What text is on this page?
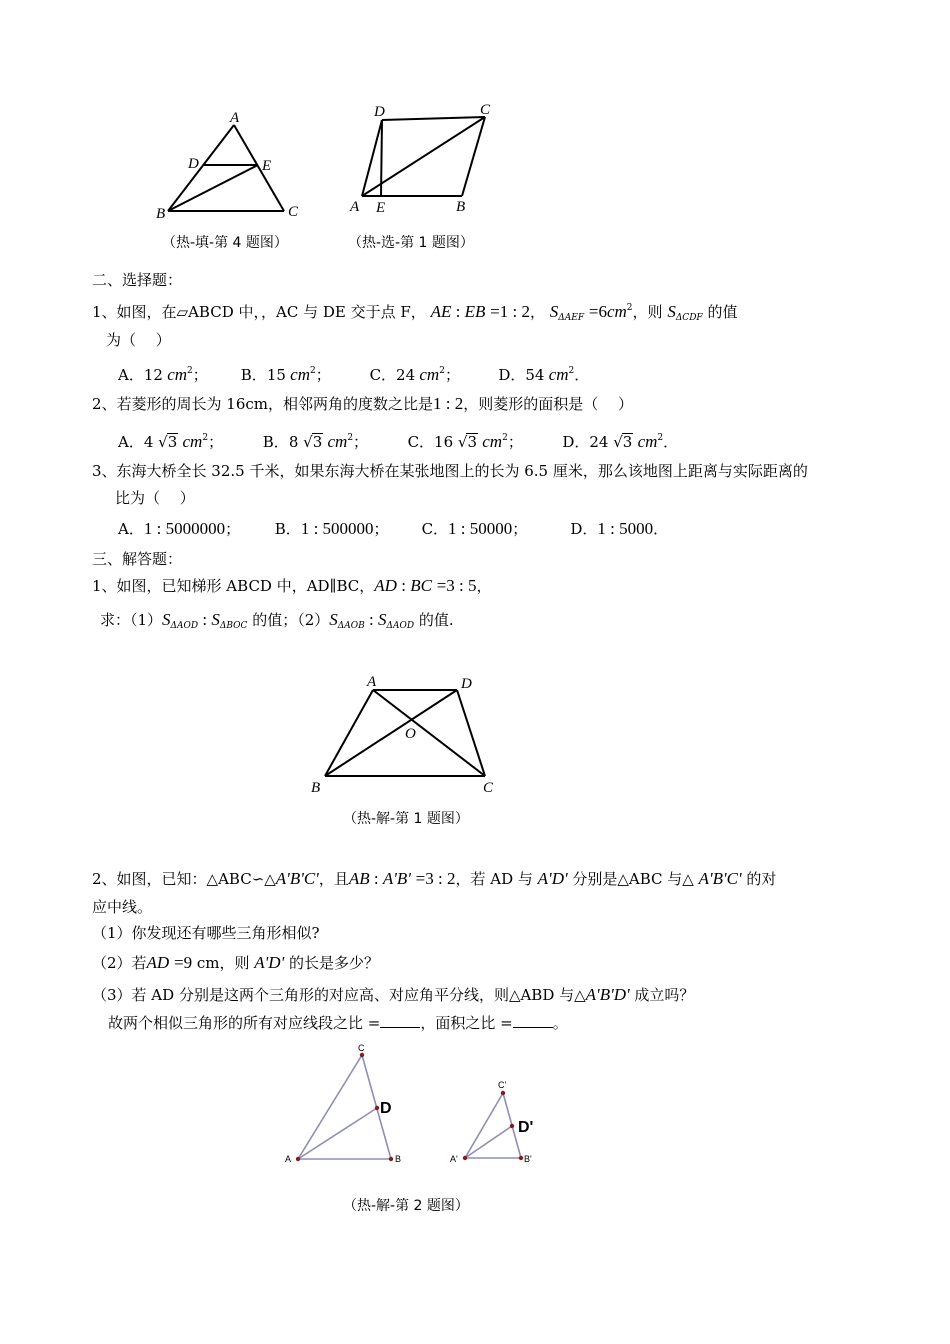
A
D	E
B	C
（热-填-第 4 题图）
D	C
A E	B
（热-选-第 1 题图）
二、选择题：
1、如图，在▱ABCD 中，，AC 与 DE 交于点 F， AE : EB =1 : 2， $S_{\Delta AEF} =6cm^2$，则 $S_{\Delta CDF}$ 的值
为（　 ）
A．12 $cm^2$； B．15 $cm^2$；	C．24 $cm^2$；	D．54 $cm^2$．
2、若菱形的周长为 16cm，相邻两角的度数之比是1 : 2，则菱形的面积是（　 ）
A．4 √3 $cm^2$；	B．8 √3 $cm^2$；	C．16 √3 $cm^2$；	D．24 √3 $cm^2$．
3、东海大桥全长 32.5 千米，如果东海大桥在某张地图上的长为 6.5 厘米，那么该地图上距离与实际距离的
比为（　 ）
A．1 : 5000000； B．1 : 500000； C．1 : 50000；	D．1 : 5000．
三、解答题：
1、如图，已知梯形 ABCD 中，AD∥BC，AD : BC =3 : 5，
求：$(1)S_{\Delta AOD}$ : $S_{\Delta BOC}$ 的值；$(2)S_{\Delta AOB}$ : $S_{\Delta AOD}$ 的值.
A	D
O
B	C
（热-解-第 1 题图）
2、如图，已知：△ABC∽△A'B'C'，且AB : A'B' =3 : 2，若 AD 与 A'D' 分别是△ABC 与△ A'B'C' 的对
应中线。
（1）你发现还有哪些三角形相似?
（2）若AD =9 cm，则 A'D' 的长是多少？
（3）若 AD 分别是这两个三角形的对应高、对应角平分线，则△ABD 与△A'B'D' 成立吗？
故两个相似三角形的所有对应线段之比 =	，面积之比 =	。
C
A	B
D
C'
A'	B'
D'
（热-解-第 2 题图）
